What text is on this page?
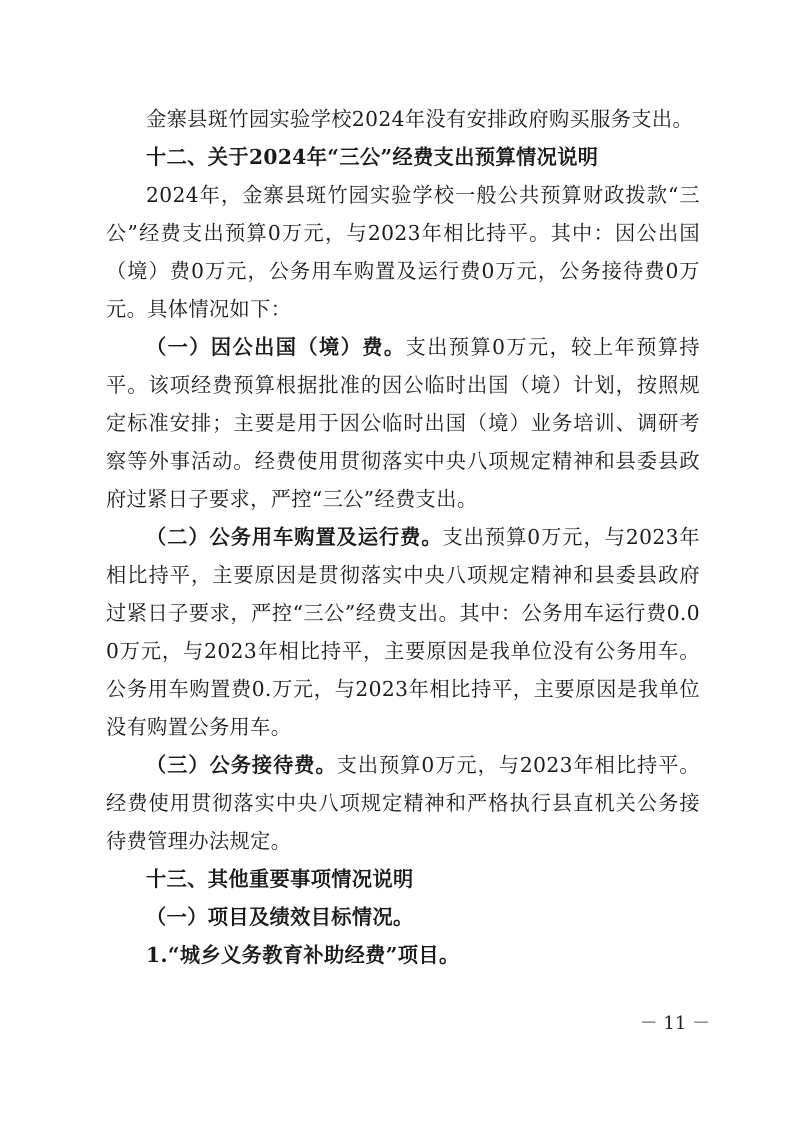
金寨县斑竹园实验学校2024年没有安排政府购买服务支出。

十二、关于2024年“三公”经费支出预算情况说明

2024年，金寨县斑竹园实验学校一般公共预算财政拨款“三公”经费支出预算0万元，与2023年相比持平。其中：因公出国（境）费0万元，公务用车购置及运行费0万元，公务接待费0万元。具体情况如下：

（一）因公出国（境）费。支出预算0万元，较上年预算持平。该项经费预算根据批准的因公临时出国（境）计划，按照规定标准安排；主要是用于因公临时出国（境）业务培训、调研考察等外事活动。经费使用贯彻落实中央八项规定精神和县委县政府过紧日子要求，严控“三公”经费支出。

（二）公务用车购置及运行费。支出预算0万元，与2023年相比持平，主要原因是贯彻落实中央八项规定精神和县委县政府过紧日子要求，严控“三公”经费支出。其中：公务用车运行费0.00万元，与2023年相比持平，主要原因是我单位没有公务用车。公务用车购置费0.万元，与2023年相比持平，主要原因是我单位没有购置公务用车。

（三）公务接待费。支出预算0万元，与2023年相比持平。经费使用贯彻落实中央八项规定精神和严格执行县直机关公务接待费管理办法规定。

十三、其他重要事项情况说明

（一）项目及绩效目标情况。

1.“城乡义务教育补助经费”项目。

－ 11 －
